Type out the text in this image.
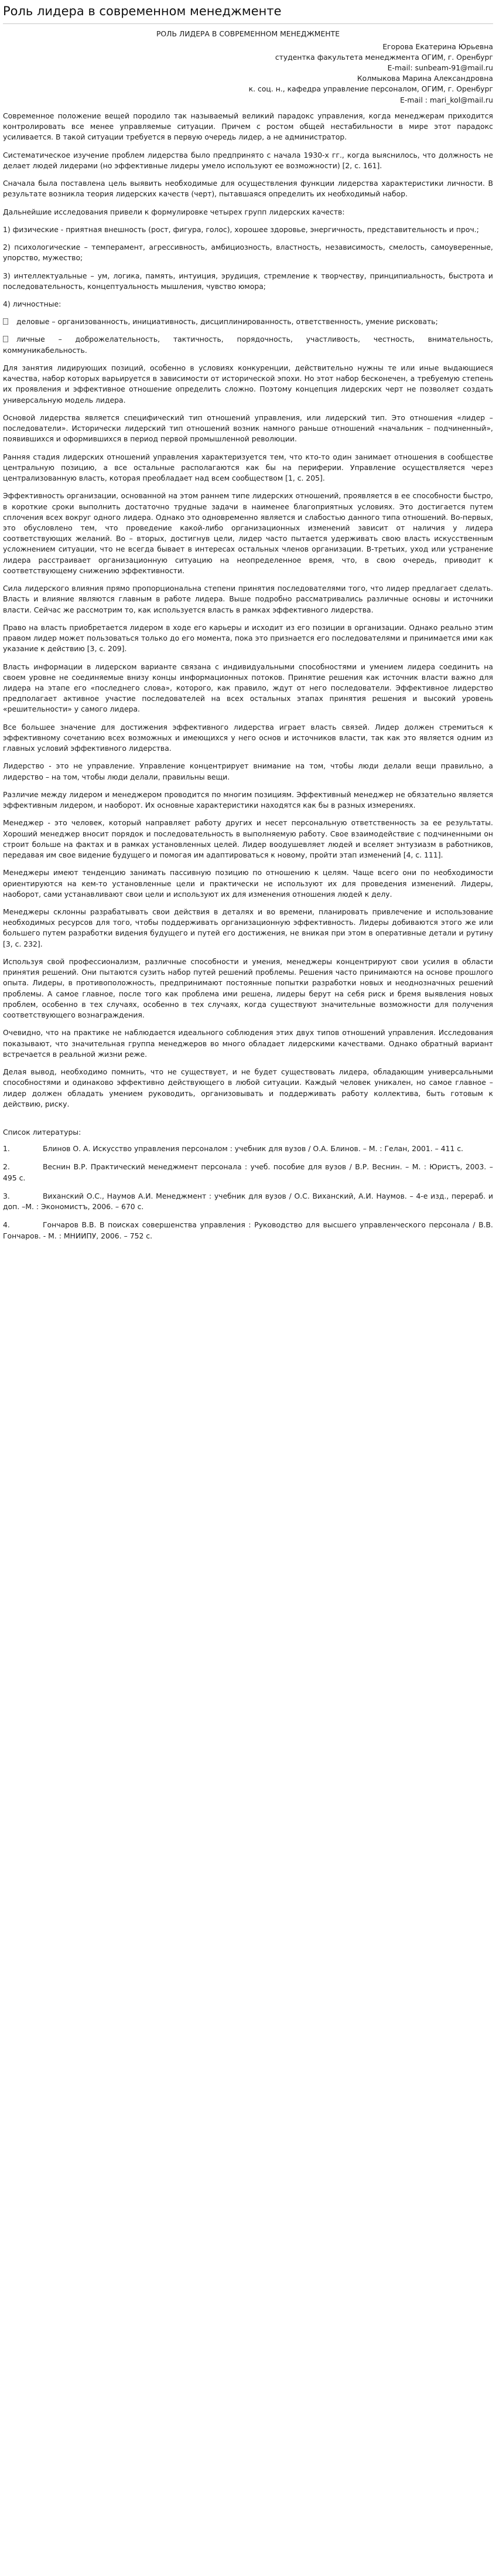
Роль лидера в современном менеджменте

РОЛЬ ЛИДЕРА В СОВРЕМЕННОМ МЕНЕДЖМЕНТЕ

Егорова Екатерина Юрьевна

студентка факультета менеджмента ОГИМ, г. Оренбург

E-mail: sunbeam-91@mail.ru

Колмыкова Марина Александровна

к. соц. н., кафедра управление персоналом, ОГИМ, г. Оренбург

E-mail : mari_kol@mail.ru

Современное положение вещей породило так называемый великий парадокс управления, когда менеджерам приходится контролировать все менее управляемые ситуации. Причем с ростом общей нестабильности в мире этот парадокс усиливается. В такой ситуации требуется в первую очередь лидер, а не администратор.

Систематическое изучение проблем лидерства было предпринято с начала 1930-х гг., когда выяснилось, что должность не делает людей лидерами (но эффективные лидеры умело используют ее возможности) [2, с. 161].

Сначала была поставлена цель выявить необходимые для осуществления функции лидерства характеристики личности. В результате возникла теория лидерских качеств (черт), пытавшаяся определить их необходимый набор.

Дальнейшие исследования привели к формулировке четырех групп лидерских качеств:

1) физические - приятная внешность (рост, фигура, голос), хорошее здоровье, энергичность, представительность и проч.;

2) психологические – темперамент, агрессивность, амбициозность, властность, независимость, смелость, самоуверенные, упорство, мужество;

3) интеллектуальные – ум, логика, память, интуиция, эрудиция, стремление к творчеству, принципиальность, быстрота и последовательность, концептуальность мышления, чувство юмора;

4) личностные:

деловые – организованность, инициативность, дисциплинированность, ответственность, умение рисковать;

личные – доброжелательность, тактичность, порядочность, участливость, честность, внимательность, коммуникабельность.

Для занятия лидирующих позиций, особенно в условиях конкуренции, действительно нужны те или иные выдающиеся качества, набор которых варьируется в зависимости от исторической эпохи. Но этот набор бесконечен, а требуемую степень их проявления и эффективное отношение определить сложно. Поэтому концепция лидерских черт не позволяет создать универсальную модель лидера.

Основой лидерства является специфический тип отношений управления, или лидерский тип. Это отношения «лидер – последователи». Исторически лидерский тип отношений возник намного раньше отношений «начальник – подчиненный», появившихся и оформившихся в период первой промышленной революции.

Ранняя стадия лидерских отношений управления характеризуется тем, что кто-то один занимает отношения в сообществе центральную позицию, а все остальные располагаются как бы на периферии. Управление осуществляется через централизованную власть, которая преобладает над всем сообществом [1, с. 205].

Эффективность организации, основанной на этом раннем типе лидерских отношений, проявляется в ее способности быстро, в короткие сроки выполнить достаточно трудные задачи в наименее благоприятных условиях. Это достигается путем сплочения всех вокруг одного лидера. Однако это одновременно является и слабостью данного типа отношений. Во-первых, это обусловлено тем, что проведение какой-либо организационных изменений зависит от наличия у лидера соответствующих желаний. Во – вторых, достигнув цели, лидер часто пытается удерживать свою власть искусственным усложнением ситуации, что не всегда бывает в интересах остальных членов организации. В-третьих, уход или устранение лидера расстраивает организационную ситуацию на неопределенное время, что, в свою очередь, приводит к соответствующему снижению эффективности.

Сила лидерского влияния прямо пропорциональна степени принятия последователями того, что лидер предлагает сделать. Власть и влияние являются главным в работе лидера. Выше подробно рассматривались различные основы и источники власти. Сейчас же рассмотрим то, как используется власть в рамках эффективного лидерства.

Право на власть приобретается лидером в ходе его карьеры и исходит из его позиции в организации. Однако реально этим правом лидер может пользоваться только до его момента, пока это признается его последователями и принимается ими как указание к действию [3, с. 209].

Власть информации в лидерском варианте связана с индивидуальными способностями и умением лидера соединить на своем уровне не соединяемые внизу концы информационных потоков. Принятие решения как источник власти важно для лидера на этапе его «последнего слова», которого, как правило, ждут от него последователи. Эффективное лидерство предполагает активное участие последователей на всех остальных этапах принятия решения и высокий уровень «решительности» у самого лидера.

Все большее значение для достижения эффективного лидерства играет власть связей. Лидер должен стремиться к эффективному сочетанию всех возможных и имеющихся у него основ и источников власти, так как это является одним из главных условий эффективного лидерства.

Лидерство - это не управление. Управление концентрирует внимание на том, чтобы люди делали вещи правильно, а лидерство – на том, чтобы люди делали, правильны вещи.

Различие между лидером и менеджером проводится по многим позициям. Эффективный менеджер не обязательно является эффективным лидером, и наоборот. Их основные характеристики находятся как бы в разных измерениях.

Менеджер - это человек, который направляет работу других и несет персональную ответственность за ее результаты. Хороший менеджер вносит порядок и последовательность в выполняемую работу. Свое взаимодействие с подчиненными он строит больше на фактах и в рамках установленных целей. Лидер воодушевляет людей и вселяет энтузиазм в работников, передавая им свое видение будущего и помогая им адаптироваться к новому, пройти этап изменений [4, с. 111].

Менеджеры имеют тенденцию занимать пассивную позицию по отношению к целям. Чаще всего они по необходимости ориентируются на кем-то установленные цели и практически не используют их для проведения изменений. Лидеры, наоборот, сами устанавливают свои цели и используют их для изменения отношения людей к делу.

Менеджеры склонны разрабатывать свои действия в деталях и во времени, планировать привлечение и использование необходимых ресурсов для того, чтобы поддерживать организационную эффективность. Лидеры добиваются этого же или большего путем разработки видения будущего и путей его достижения, не вникая при этом в оперативные детали и рутину [3, с. 232].

Используя свой профессионализм, различные способности и умения, менеджеры концентрируют свои усилия в области принятия решений. Они пытаются сузить набор путей решений проблемы. Решения часто принимаются на основе прошлого опыта. Лидеры, в противоположность, предпринимают постоянные попытки разработки новых и неоднозначных решений проблемы. А самое главное, после того как проблема ими решена, лидеры берут на себя риск и бремя выявления новых проблем, особенно в тех случаях, особенно в тех случаях, когда существуют значительные возможности для получения соответствующего вознаграждения.

Очевидно, что на практике не наблюдается идеального соблюдения этих двух типов отношений управления. Исследования показывают, что значительная группа менеджеров во много обладает лидерскими качествами. Однако обратный вариант встречается в реальной жизни реже.

Делая вывод, необходимо помнить, что не существует, и не будет существовать лидера, обладающим универсальными способностями и одинаково эффективно действующего в любой ситуации. Каждый человек уникален, но самое главное – лидер должен обладать умением руководить, организовывать и поддерживать работу коллектива, быть готовым к действию, риску.

Список литературы:

1.	Блинов О. А. Искусство управления персоналом : учебник для вузов / О.А. Блинов. – М. : Гелан, 2001. – 411 с.

2.	Веснин В.Р. Практический менеджмент персонала : учеб. пособие для вузов / В.Р. Веснин. – М. : Юристъ, 2003. – 495 с.

3.	Виханский О.С., Наумов А.И. Менеджмент : учебник для вузов / О.С. Виханский, А.И. Наумов. – 4-е изд., перераб. и доп. –М. : Экономистъ, 2006. – 670 с.

4.	Гончаров В.В. В поисках совершенства управления : Руководство для высшего управленческого персонала / В.В. Гончаров. - М. : МНИИПУ, 2006. – 752 с.
